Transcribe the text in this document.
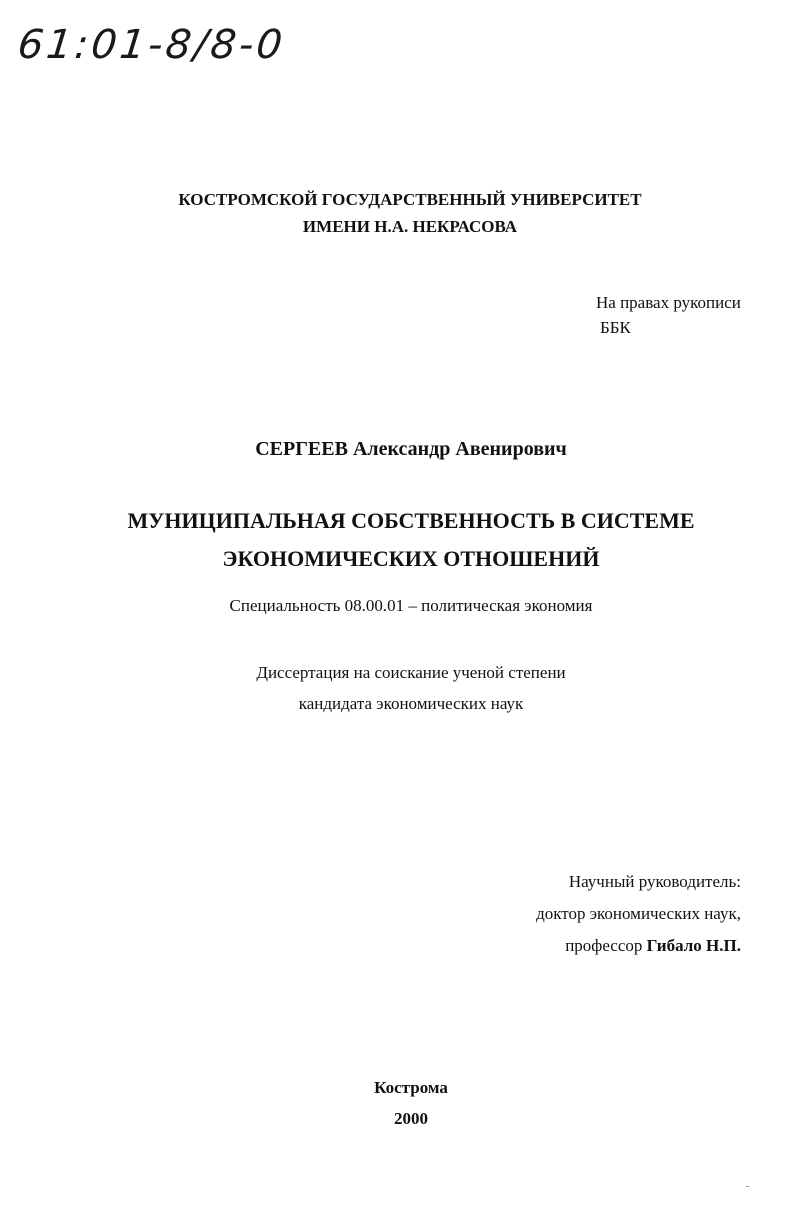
61:01-8/8-0
КОСТРОМСКОЙ ГОСУДАРСТВЕННЫЙ УНИВЕРСИТЕТ
ИМЕНИ Н.А. НЕКРАСОВА
На правах рукописи
ББК
СЕРГЕЕВ Александр Авенирович
МУНИЦИПАЛЬНАЯ СОБСТВЕННОСТЬ В СИСТЕМЕ
ЭКОНОМИЧЕСКИХ ОТНОШЕНИЙ
Специальность 08.00.01 – политическая экономия
Диссертация на соискание ученой степени
кандидата экономических наук
Научный руководитель:
доктор экономических наук,
профессор Гибало Н.П.
Кострома
2000
